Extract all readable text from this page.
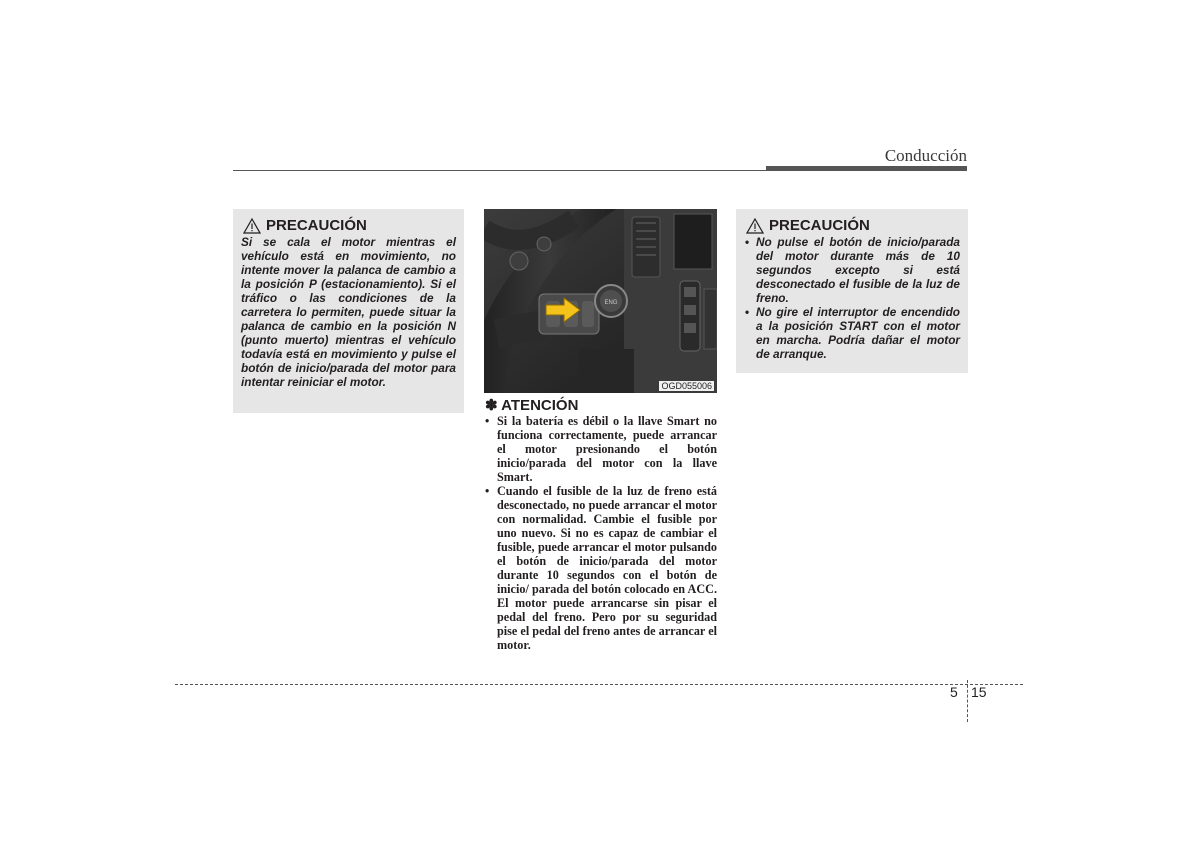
Conducción
PRECAUCIÓN

Si se cala el motor mientras el vehículo está en movimiento, no intente mover la palanca de cambio a la posición P (estacionamiento). Si el tráfico o las condiciones de la carretera lo permiten, puede situar la palanca de cambio en la posición N (punto muerto) mientras el vehículo todavía está en movimiento y pulse el botón de inicio/parada del motor para intentar reiniciar el motor.

ENG
OGD055006
✽ ATENCIÓN
• Si la batería es débil o la llave Smart no funciona correctamente, puede arrancar el motor presionando el botón inicio/parada del motor con la llave Smart.
• Cuando el fusible de la luz de freno está desconectado, no puede arrancar el motor con normalidad. Cambie el fusible por uno nuevo. Si no es capaz de cambiar el fusible, puede arrancar el motor pulsando el botón de inicio/parada del motor durante 10 segundos con el botón de inicio/ parada del botón colocado en ACC. El motor puede arrancarse sin pisar el pedal del freno. Pero por su seguridad pise el pedal del freno antes de arrancar el motor.
PRECAUCIÓN
• No pulse el botón de inicio/parada del motor durante más de 10 segundos excepto si está desconectado el fusible de la luz de freno.
• No gire el interruptor de encendido a la posición START con el motor en marcha. Podría dañar el motor de arranque.
5 15
